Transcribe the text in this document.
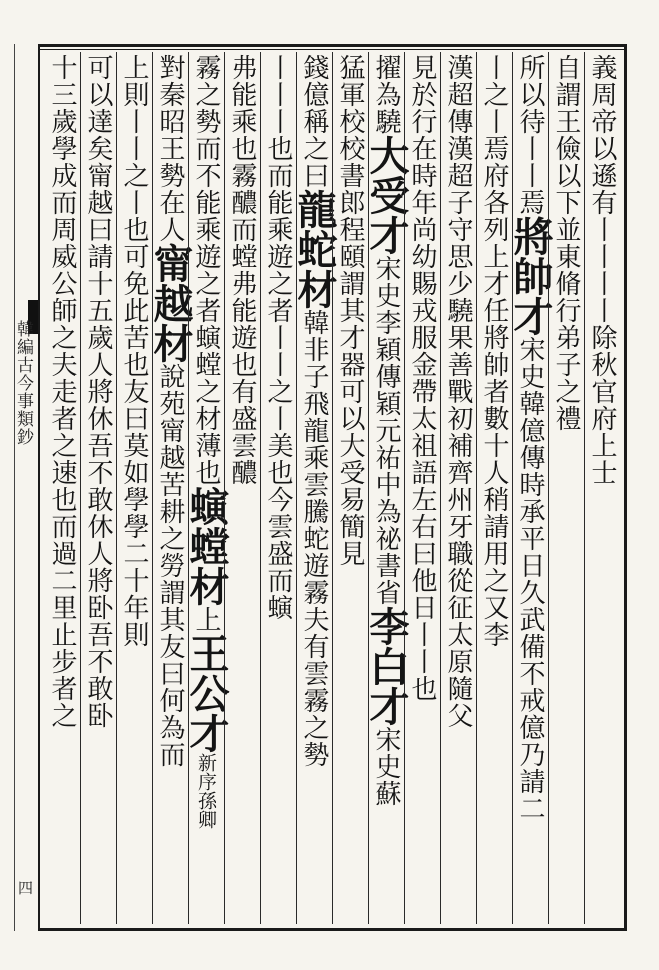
韓編古今事類鈔
四
義周帝以遜有丨丨丨丨除秋官府上士
自謂王儉以下並東脩行弟子之禮
所以待丨丨焉將帥才宋史韓億傳時承平日久武備不戒億乃請二
丨之丨焉府各列上才任將帥者數十人稍請用之又李
漢超傳漢超子守思少驍果善戰初補齊州牙職從征太原隨父
見於行在時年尚幼賜戎服金帶太祖語左右曰他日丨丨也
擢為驍大受才宋史李穎傳穎元祐中為祕書省李白才宋史蘇
猛軍校校書郎程頤謂其才器可以大受易簡見
錢億稱之曰龍蛇材韓非子飛龍乘雲騰蛇遊霧夫有雲霧之勢
丨丨丨也而能乘遊之者丨丨之丨美也今雲盛而螾
弗能乘也霧醲而螳弗能遊也有盛雲醲
霧之勢而不能乘遊之者螾螳之材薄也螾螳材上王公才新序孫卿
對秦昭王勢在人甯越材說苑甯越苦耕之勞謂其友曰何為而
上則丨丨之丨也可免此苦也友曰莫如學學二十年則
可以達矣甯越曰請十五歲人將休吾不敢休人將卧吾不敢卧
十三歲學成而周威公師之夫走者之速也而過二里止步者之
